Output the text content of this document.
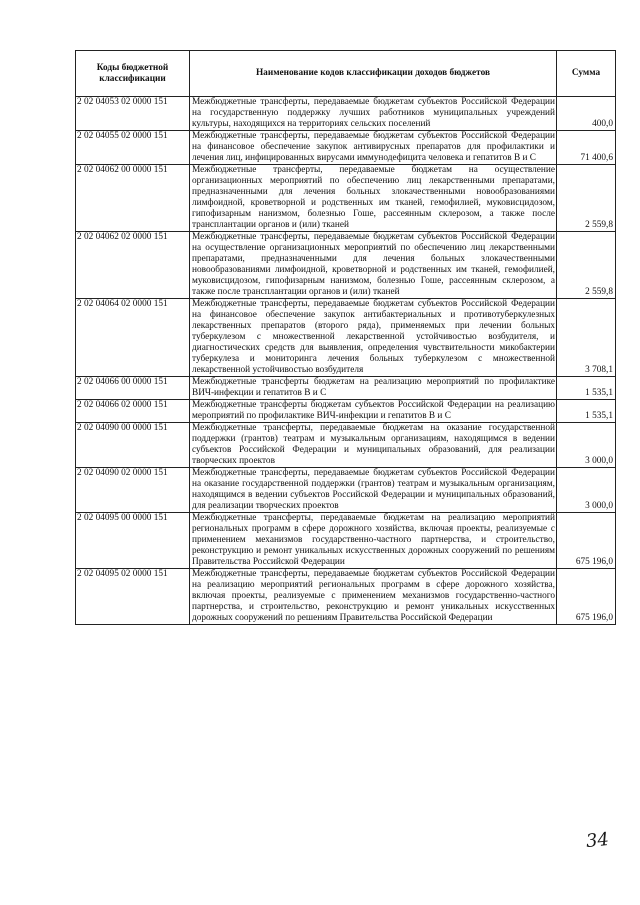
Коды бюджетной классификации	Наименование кодов классификации доходов бюджетов	Сумма
2 02 04053 02 0000 151	Межбюджетные трансферты, передаваемые бюджетам субъектов Российской Федерации на государственную поддержку лучших работников муниципальных учреждений культуры, находящихся на территориях сельских поселений	400,0
2 02 04055 02 0000 151	Межбюджетные трансферты, передаваемые бюджетам субъектов Российской Федерации на финансовое обеспечение закупок антивирусных препаратов для профилактики и лечения лиц, инфицированных вирусами иммунодефицита человека и гепатитов В и С	71 400,6
2 02 04062 00 0000 151	Межбюджетные трансферты, передаваемые бюджетам на осуществление организационных мероприятий по обеспечению лиц лекарственными препаратами, предназначенными для лечения больных злокачественными новообразованиями лимфоидной, кроветворной и родственных им тканей, гемофилией, муковисцидозом, гипофизарным нанизмом, болезнью Гоше, рассеянным склерозом, а также после трансплантации органов и (или) тканей	2 559,8
2 02 04062 02 0000 151	Межбюджетные трансферты, передаваемые бюджетам субъектов Российской Федерации на осуществление организационных мероприятий по обеспечению лиц лекарственными препаратами, предназначенными для лечения больных злокачественными новообразованиями лимфоидной, кроветворной и родственных им тканей, гемофилией, муковисцидозом, гипофизарным нанизмом, болезнью Гоше, рассеянным склерозом, а также после трансплантации органов и (или) тканей	2 559,8
2 02 04064 02 0000 151	Межбюджетные трансферты, передаваемые бюджетам субъектов Российской Федерации на финансовое обеспечение закупок антибактериальных и противотуберкулезных лекарственных препаратов (второго ряда), применяемых при лечении больных туберкулезом с множественной лекарственной устойчивостью возбудителя, и диагностических средств для выявления, определения чувствительности микобактерии туберкулеза и мониторинга лечения больных туберкулезом с множественной лекарственной устойчивостью возбудителя	3 708,1
2 02 04066 00 0000 151	Межбюджетные трансферты бюджетам на реализацию мероприятий по профилактике ВИЧ-инфекции и гепатитов В и С	1 535,1
2 02 04066 02 0000 151	Межбюджетные трансферты бюджетам субъектов Российской Федерации на реализацию мероприятий по профилактике ВИЧ-инфекции и гепатитов В и С	1 535,1
2 02 04090 00 0000 151	Межбюджетные трансферты, передаваемые бюджетам на оказание государственной поддержки (грантов) театрам и музыкальным организациям, находящимся в ведении субъектов Российской Федерации и муниципальных образований, для реализации творческих проектов	3 000,0
2 02 04090 02 0000 151	Межбюджетные трансферты, передаваемые бюджетам субъектов Российской Федерации на оказание государственной поддержки (грантов) театрам и музыкальным организациям, находящимся в ведении субъектов Российской Федерации и муниципальных образований, для реализации творческих проектов	3 000,0
2 02 04095 00 0000 151	Межбюджетные трансферты, передаваемые бюджетам на реализацию мероприятий региональных программ в сфере дорожного хозяйства, включая проекты, реализуемые с применением механизмов государственно-частного партнерства, и строительство, реконструкцию и ремонт уникальных искусственных дорожных сооружений по решениям Правительства Российской Федерации	675 196,0
2 02 04095 02 0000 151	Межбюджетные трансферты, передаваемые бюджетам субъектов Российской Федерации на реализацию мероприятий региональных программ в сфере дорожного хозяйства, включая проекты, реализуемые с применением механизмов государственно-частного партнерства, и строительство, реконструкцию и ремонт уникальных искусственных дорожных сооружений по решениям Правительства Российской Федерации	675 196,0
34
